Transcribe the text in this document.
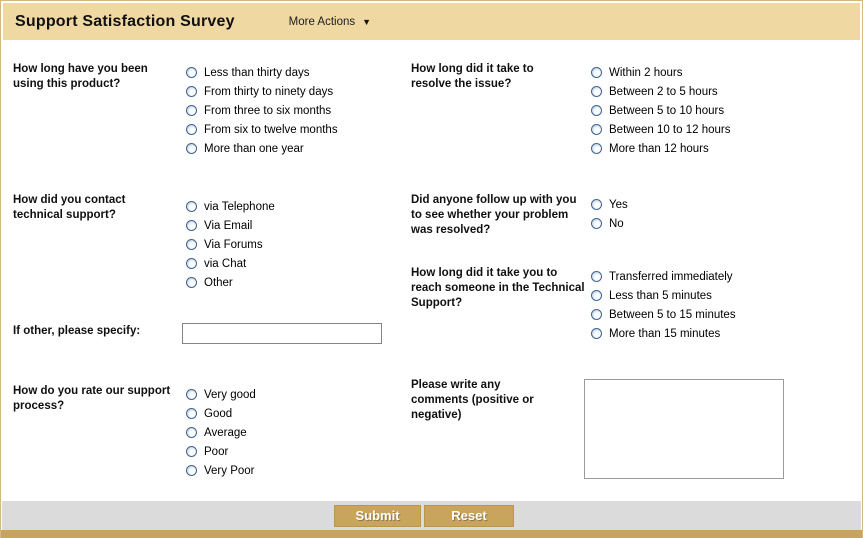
Support Satisfaction Survey	More Actions ▼
How long have you been using this product?
Less than thirty days
From thirty to ninety days
From three to six months
From six to twelve months
More than one year
How long did it take to resolve the issue?
Within 2 hours
Between 2 to 5 hours
Between 5 to 10 hours
Between 10 to 12 hours
More than 12 hours
How did you contact technical support?
via Telephone
Via Email
Via Forums
via Chat
Other
Did anyone follow up with you to see whether your problem was resolved?
Yes
No
How long did it take you to reach someone in the Technical Support?
Transferred immediately
Less than 5 minutes
Between 5 to 15 minutes
More than 15 minutes
If other, please specify:
How do you rate our support process?
Very good
Good
Average
Poor
Very Poor
Please write any comments (positive or negative)
Submit	Reset
